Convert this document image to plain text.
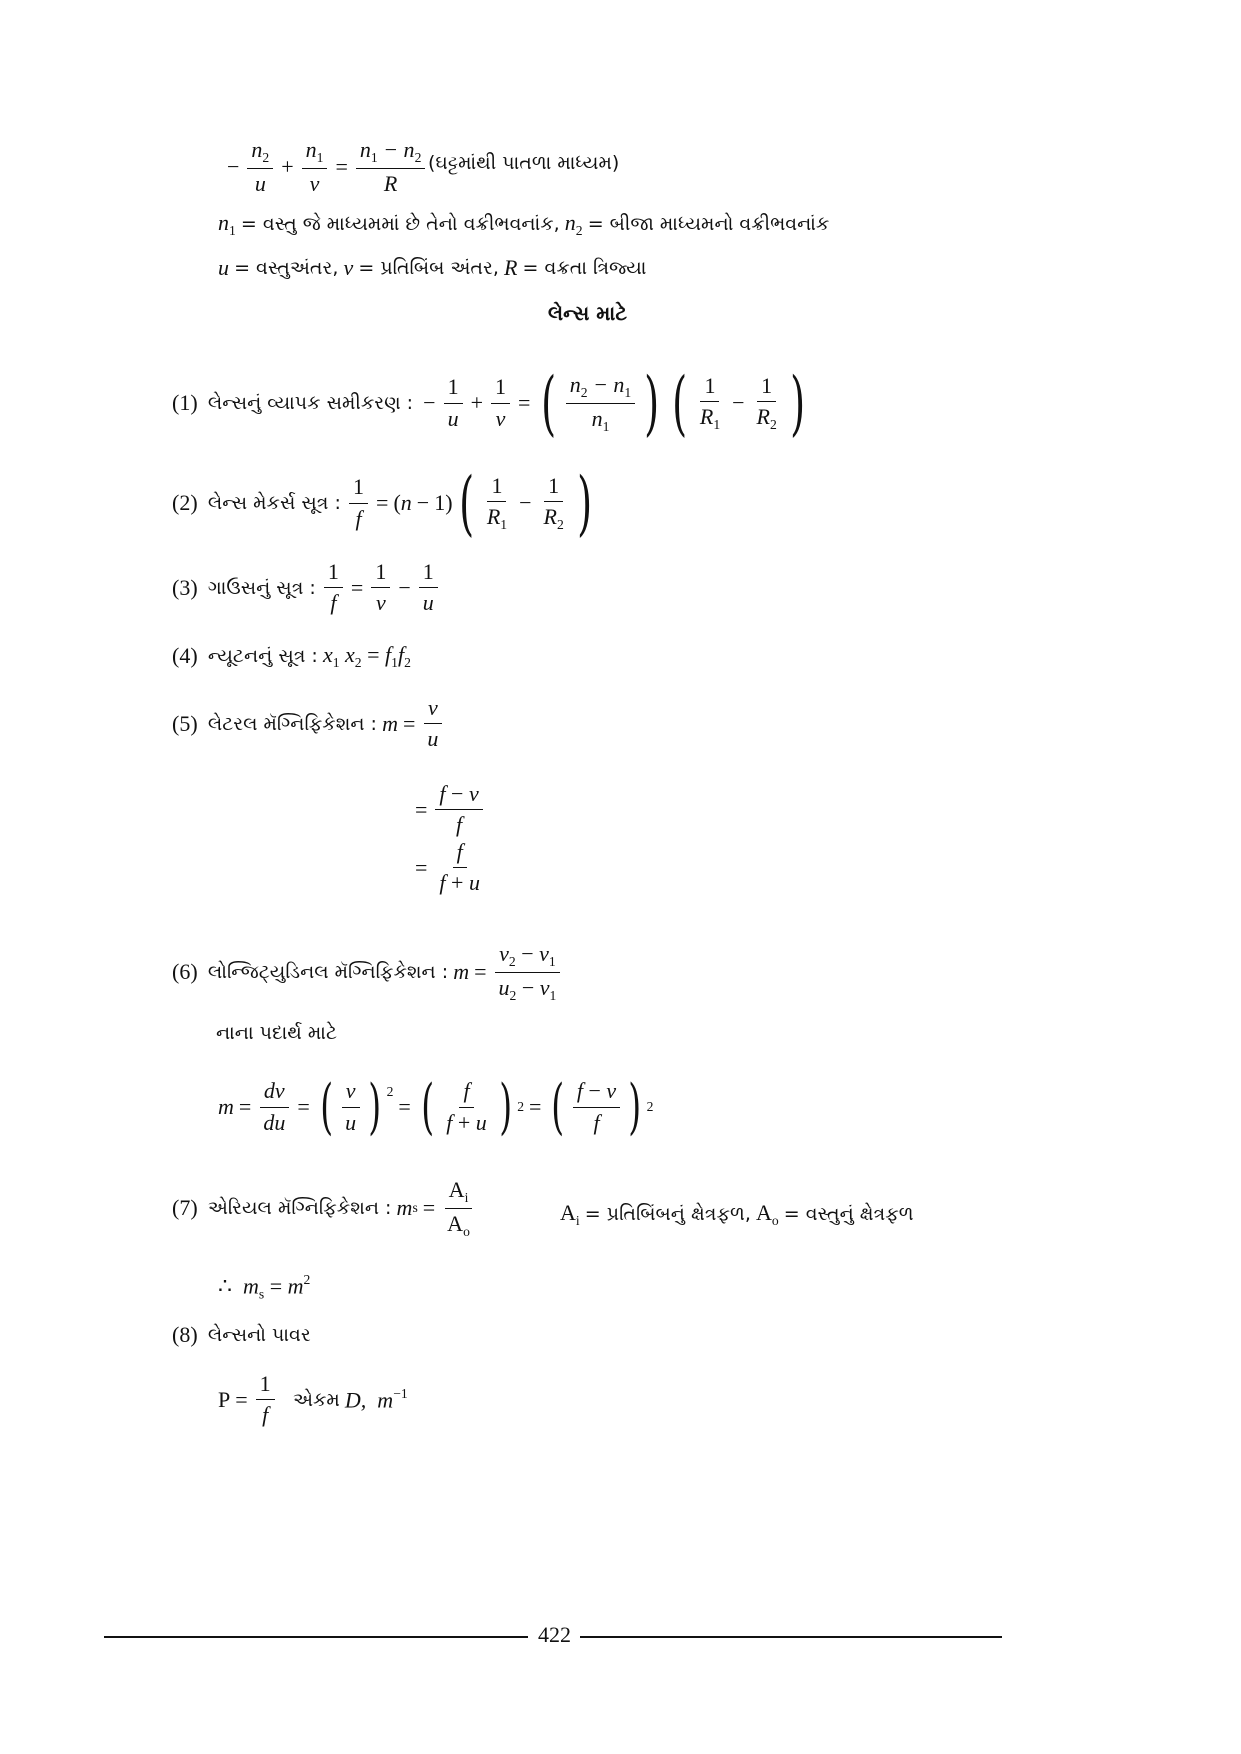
− $\frac{n_2}{u} + \frac{n_1}{v} = \frac{n_1 - n_2}{R}$ (ઘટ્ટમાંથી પાતળા માધ્યમ)
$n_1$
= વસ્તુ જે માધ્યમમાં છે તેનો વક્રીભવનાંક,
$n_2$
= બીજા માધ્યમનો વક્રીભવનાંક
u
= વસ્તુઅંતર,
v
= પ્રતિબિંબ અંતર,
R
= વક્રતા ત્રિજ્યા
લેન્સ માટે
(1)
લેન્સનું વ્યાપક સમીકરણ :
− $\frac{1}{u} + \frac{1}{v}$ = ( $\frac{n_2 - n_1}{n_1}$ ) ( $\frac{1}{R_1} - \frac{1}{R_2}$ )
(2)
લેન્સ મેકર્સ સૂત્ર :
$\frac{1}{f}$ = ( n − 1) ( $\frac{1}{R_1} - \frac{1}{R_2}$ )
(3)
ગાઉસનું સૂત્ર :
$\frac{1}{f} = \frac{1}{v} - \frac{1}{u}$
(4)
ન્યૂટનનું સૂત્ર :
$x_1$ $x_2 = f_1f_2$
(5)
લેટરલ મૅગ્નિફિકેશન :
$m = \frac{v}{u}$
= $\frac{f - v}{f}$
= $\frac{f}{f + u}$
(6)
લોન્જિટ્યુડિનલ મૅગ્નિફિકેશન :
$m = \frac{v_2 - v_1}{u_2 - v_1}$
નાના પદાર્થ માટે
$m = \frac{dv}{du}$ = ( $\frac{v}{u}$ ) $^2$
= ( $\frac{f}{f + u}$ ) 2 = ( $\frac{f - v}{f}$ ) 2
(7)
એરિયલ મૅગ્નિફિકેશન :
m $s = \frac{A_i}{A_o}$	$A_i$
= પ્રતિબિંબનું ક્ષેત્રફળ,
$A_o$
= વસ્તુનું ક્ષેત્રફળ
∴  $m_s = m^2$
(8)
લેન્સનો પાવર
$P = \frac{1}{f}$
એકમ
D,  $m^{-1}$
422
